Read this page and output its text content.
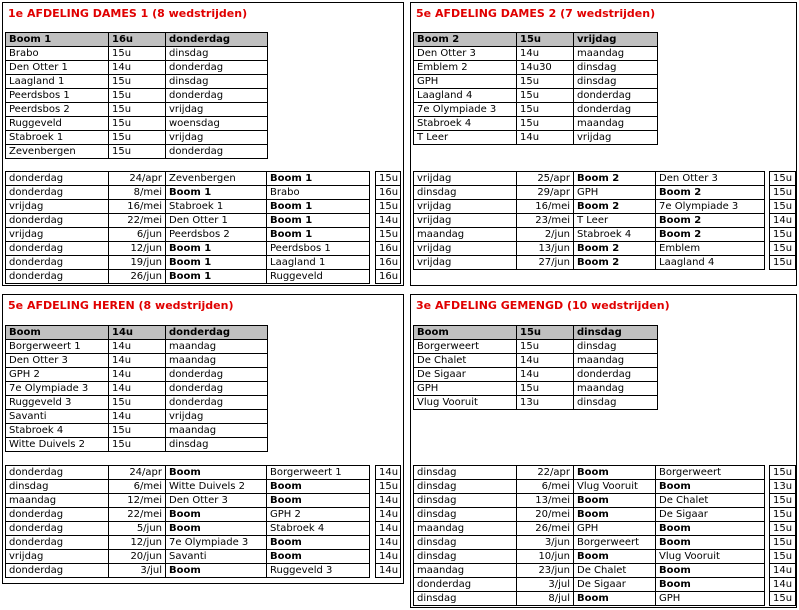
1e AFDELING DAMES 1 (8 wedstrijden)
Boom 1	16u	donderdag
Brabo	15u	dinsdag
Den Otter 1	14u	donderdag
Laagland 1	15u	dinsdag
Peerdsbos 1	15u	donderdag
Peerdsbos 2	15u	vrijdag
Ruggeveld	15u	woensdag
Stabroek 1	15u	vrijdag
Zevenbergen	15u	donderdag
donderdag	24/apr	Zevenbergen	Boom 1		15u
donderdag	8/mei	Boom 1	Brabo		16u
vrijdag	16/mei	Stabroek 1	Boom 1		15u
donderdag	22/mei	Den Otter 1	Boom 1		14u
vrijdag	6/jun	Peerdsbos 2	Boom 1		15u
donderdag	12/jun	Boom 1	Peerdsbos 1		16u
donderdag	19/jun	Boom 1	Laagland 1		16u
donderdag	26/jun	Boom 1	Ruggeveld		16u
5e AFDELING DAMES 2 (7 wedstrijden)
Boom 2	15u	vrijdag
Den Otter 3	14u	maandag
Emblem 2	14u30	dinsdag
GPH	15u	dinsdag
Laagland 4	15u	donderdag
7e Olympiade 3	15u	donderdag
Stabroek 4	15u	maandag
T Leer	14u	vrijdag
vrijdag	25/apr	Boom 2	Den Otter 3		15u
dinsdag	29/apr	GPH	Boom 2		15u
vrijdag	16/mei	Boom 2	7e Olympiade 3		15u
vrijdag	23/mei	T Leer	Boom 2		14u
maandag	2/jun	Stabroek 4	Boom 2		15u
vrijdag	13/jun	Boom 2	Emblem		15u
vrijdag	27/jun	Boom 2	Laagland 4		15u
5e AFDELING HEREN (8 wedstrijden)
Boom	14u	donderdag
Borgerweert 1	14u	maandag
Den Otter 3	14u	maandag
GPH 2	14u	donderdag
7e Olympiade 3	14u	donderdag
Ruggeveld 3	15u	donderdag
Savanti	14u	vrijdag
Stabroek 4	15u	maandag
Witte Duivels 2	15u	dinsdag
donderdag	24/apr	Boom	Borgerweert 1		14u
dinsdag	6/mei	Witte Duivels 2	Boom		15u
maandag	12/mei	Den Otter 3	Boom		14u
donderdag	22/mei	Boom	GPH 2		14u
donderdag	5/jun	Boom	Stabroek 4		14u
donderdag	12/jun	7e Olympiade 3	Boom		14u
vrijdag	20/jun	Savanti	Boom		14u
donderdag	3/jul	Boom	Ruggeveld 3		14u
3e AFDELING GEMENGD (10 wedstrijden)
Boom	15u	dinsdag
Borgerweert	15u	dinsdag
De Chalet	14u	maandag
De Sigaar	14u	donderdag
GPH	15u	maandag
Vlug Vooruit	13u	dinsdag
dinsdag	22/apr	Boom	Borgerweert		15u
dinsdag	6/mei	Vlug Vooruit	Boom		13u
dinsdag	13/mei	Boom	De Chalet		15u
dinsdag	20/mei	Boom	De Sigaar		15u
maandag	26/mei	GPH	Boom		15u
dinsdag	3/jun	Borgerweert	Boom		15u
dinsdag	10/jun	Boom	Vlug Vooruit		15u
maandag	23/jun	De Chalet	Boom		14u
donderdag	3/jul	De Sigaar	Boom		14u
dinsdag	8/jul	Boom	GPH		15u
